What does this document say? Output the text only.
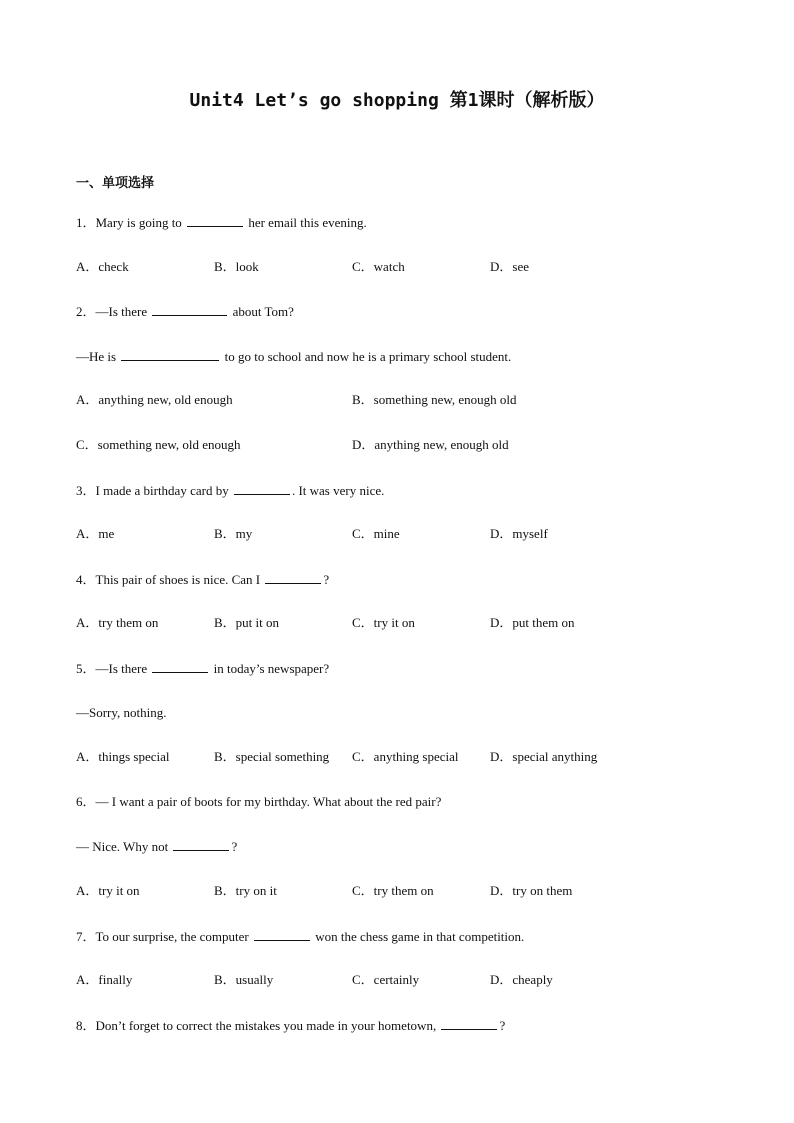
Unit4 Let’s go shopping 第1课时（解析版）
一、单项选择
1．Mary is going to	her email this evening.
A．check	B．look	C．watch	D．see
2．—Is there	about Tom?
—He is	to go to school and now he is a primary school student.
A．anything new, old enough	B．something new, enough old
C．something new, old enough	D．anything new, enough old
3．I made a birthday card by	. It was very nice.
A．me	B．my	C．mine	D．myself
4．This pair of shoes is nice. Can I	?
A．try them on	B．put it on	C．try it on	D．put them on
5．—Is there	in today’s newspaper?
—Sorry, nothing.
A．things special	B．special something C．anything special D．special anything
6．— I want a pair of boots for my birthday. What about the red pair?
— Nice. Why not	?
A．try it on	B．try on it	C．try them on	D．try on them
7．To our surprise, the computer	won the chess game in that competition.
A．finally	B．usually	C．certainly	D．cheaply
8．Don’t forget to correct the mistakes you made in your hometown,	?
